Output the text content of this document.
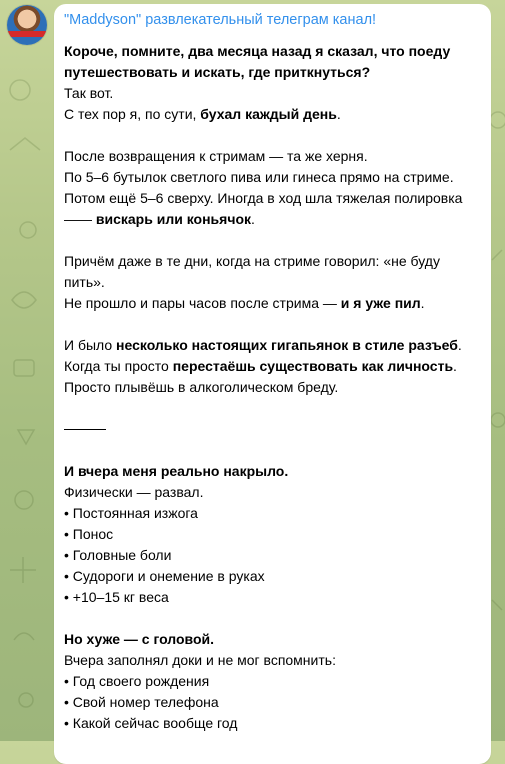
"Maddyson" развлекательный телеграм канал!
Короче, помните, два месяца назад я сказал, что поеду
путешествовать и искать, где приткнуться?
Так вот.
С тех пор я, по сути, бухал каждый день.
После возвращения к стримам — та же херня.
По 5–6 бутылок светлого пива или гинеса прямо на стриме.
Потом ещё 5–6 сверху. Иногда в ход шла тяжелая полировка
—— вискарь или коньячок.
Причём даже в те дни, когда на стриме говорил: «не буду
пить».
Не прошло и пары часов после стрима — и я уже пил.
И было несколько настоящих гигапьянок в стиле разъеб.
Когда ты просто перестаёшь существовать как личность.
Просто плывёшь в алкоголическом бреду.
И вчера меня реально накрыло.
Физически — развал.
• Постоянная изжога
• Понос
• Головные боли
• Судороги и онемение в руках
• +10–15 кг веса
Но хуже — с головой.
Вчера заполнял доки и не мог вспомнить:
• Год своего рождения
• Свой номер телефона
• Какой сейчас вообще год
